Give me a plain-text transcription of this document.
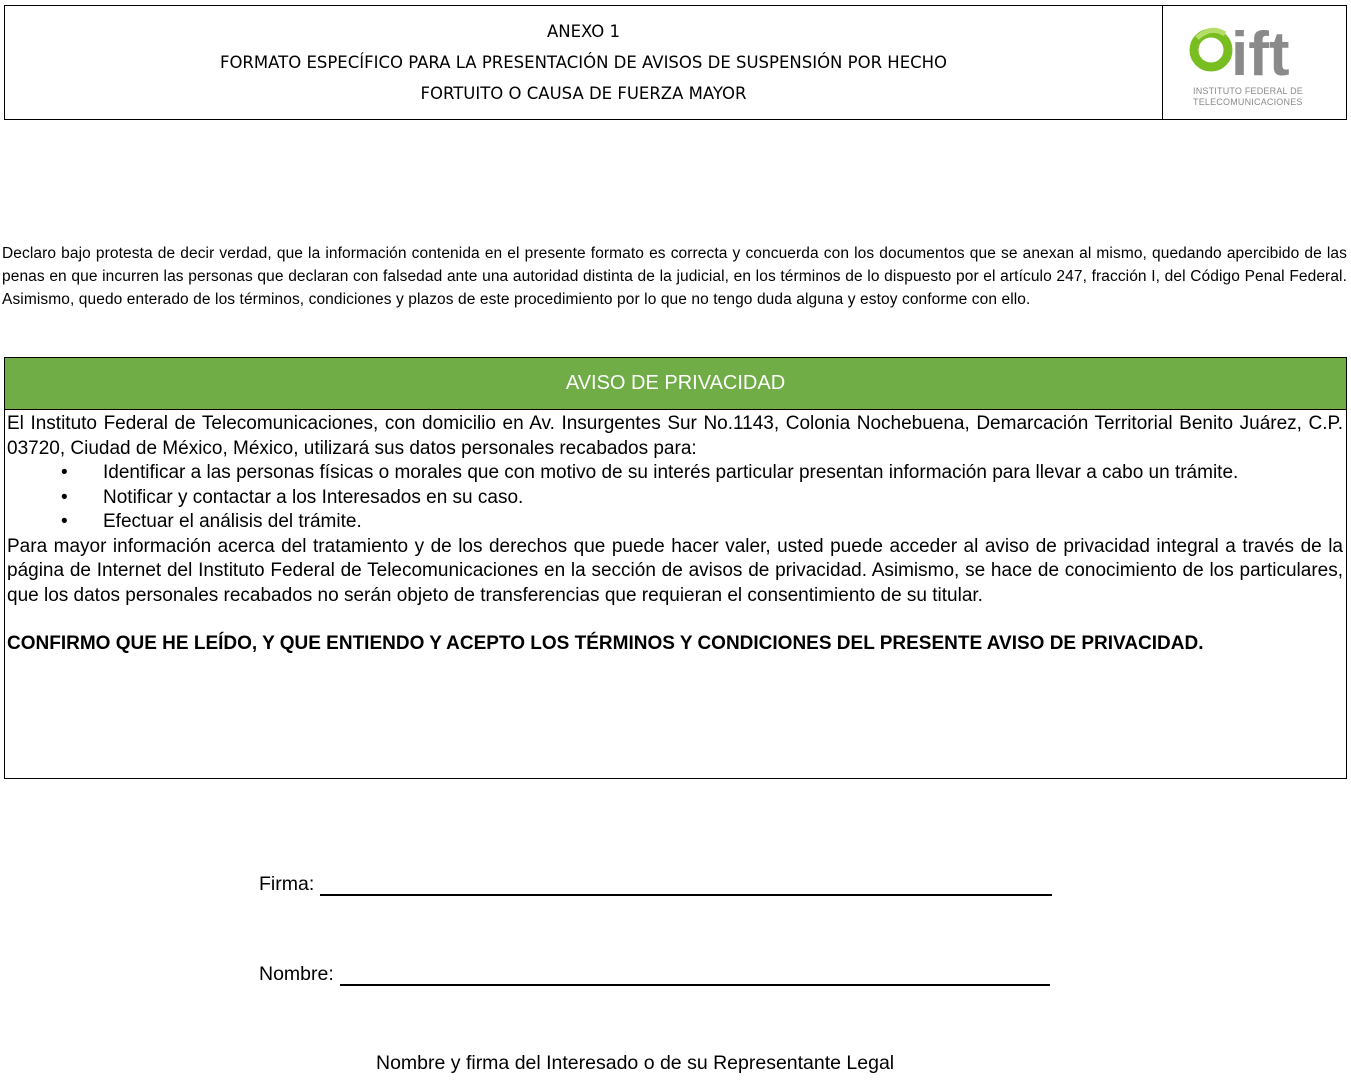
ANEXO 1
FORMATO ESPECÍFICO PARA LA PRESENTACIÓN DE AVISOS DE SUSPENSIÓN POR HECHO
FORTUITO O CAUSA DE FUERZA MAYOR
ift
INSTITUTO FEDERAL DE
TELECOMUNICACIONES
Declaro bajo protesta de decir verdad, que la información contenida en el presente formato es correcta y concuerda con los documentos que se anexan al mismo, quedando apercibido de las penas en que incurren las personas que declaran con falsedad ante una autoridad distinta de la judicial, en los términos de lo dispuesto por el artículo 247, fracción I, del Código Penal Federal. Asimismo, quedo enterado de los términos, condiciones y plazos de este procedimiento por lo que no tengo duda alguna y estoy conforme con ello.
AVISO DE PRIVACIDAD

El Instituto Federal de Telecomunicaciones, con domicilio en Av. Insurgentes Sur No.1143, Colonia Nochebuena, Demarcación Territorial Benito Juárez, C.P. 03720, Ciudad de México, México, utilizará sus datos personales recabados para:

• Identificar a las personas físicas o morales que con motivo de su interés particular presentan información para llevar a cabo un trámite.
• Notificar y contactar a los Interesados en su caso.
• Efectuar el análisis del trámite.

Para mayor información acerca del tratamiento y de los derechos que puede hacer valer, usted puede acceder al aviso de privacidad integral a través de la página de Internet del Instituto Federal de Telecomunicaciones en la sección de avisos de privacidad. Asimismo, se hace de conocimiento de los particulares, que los datos personales recabados no serán objeto de transferencias que requieran el consentimiento de su titular.

CONFIRMO QUE HE LEÍDO, Y QUE ENTIENDO Y ACEPTO LOS TÉRMINOS Y CONDICIONES DEL PRESENTE AVISO DE PRIVACIDAD.

Firma:
Nombre:
Nombre y firma del Interesado o de su Representante Legal
